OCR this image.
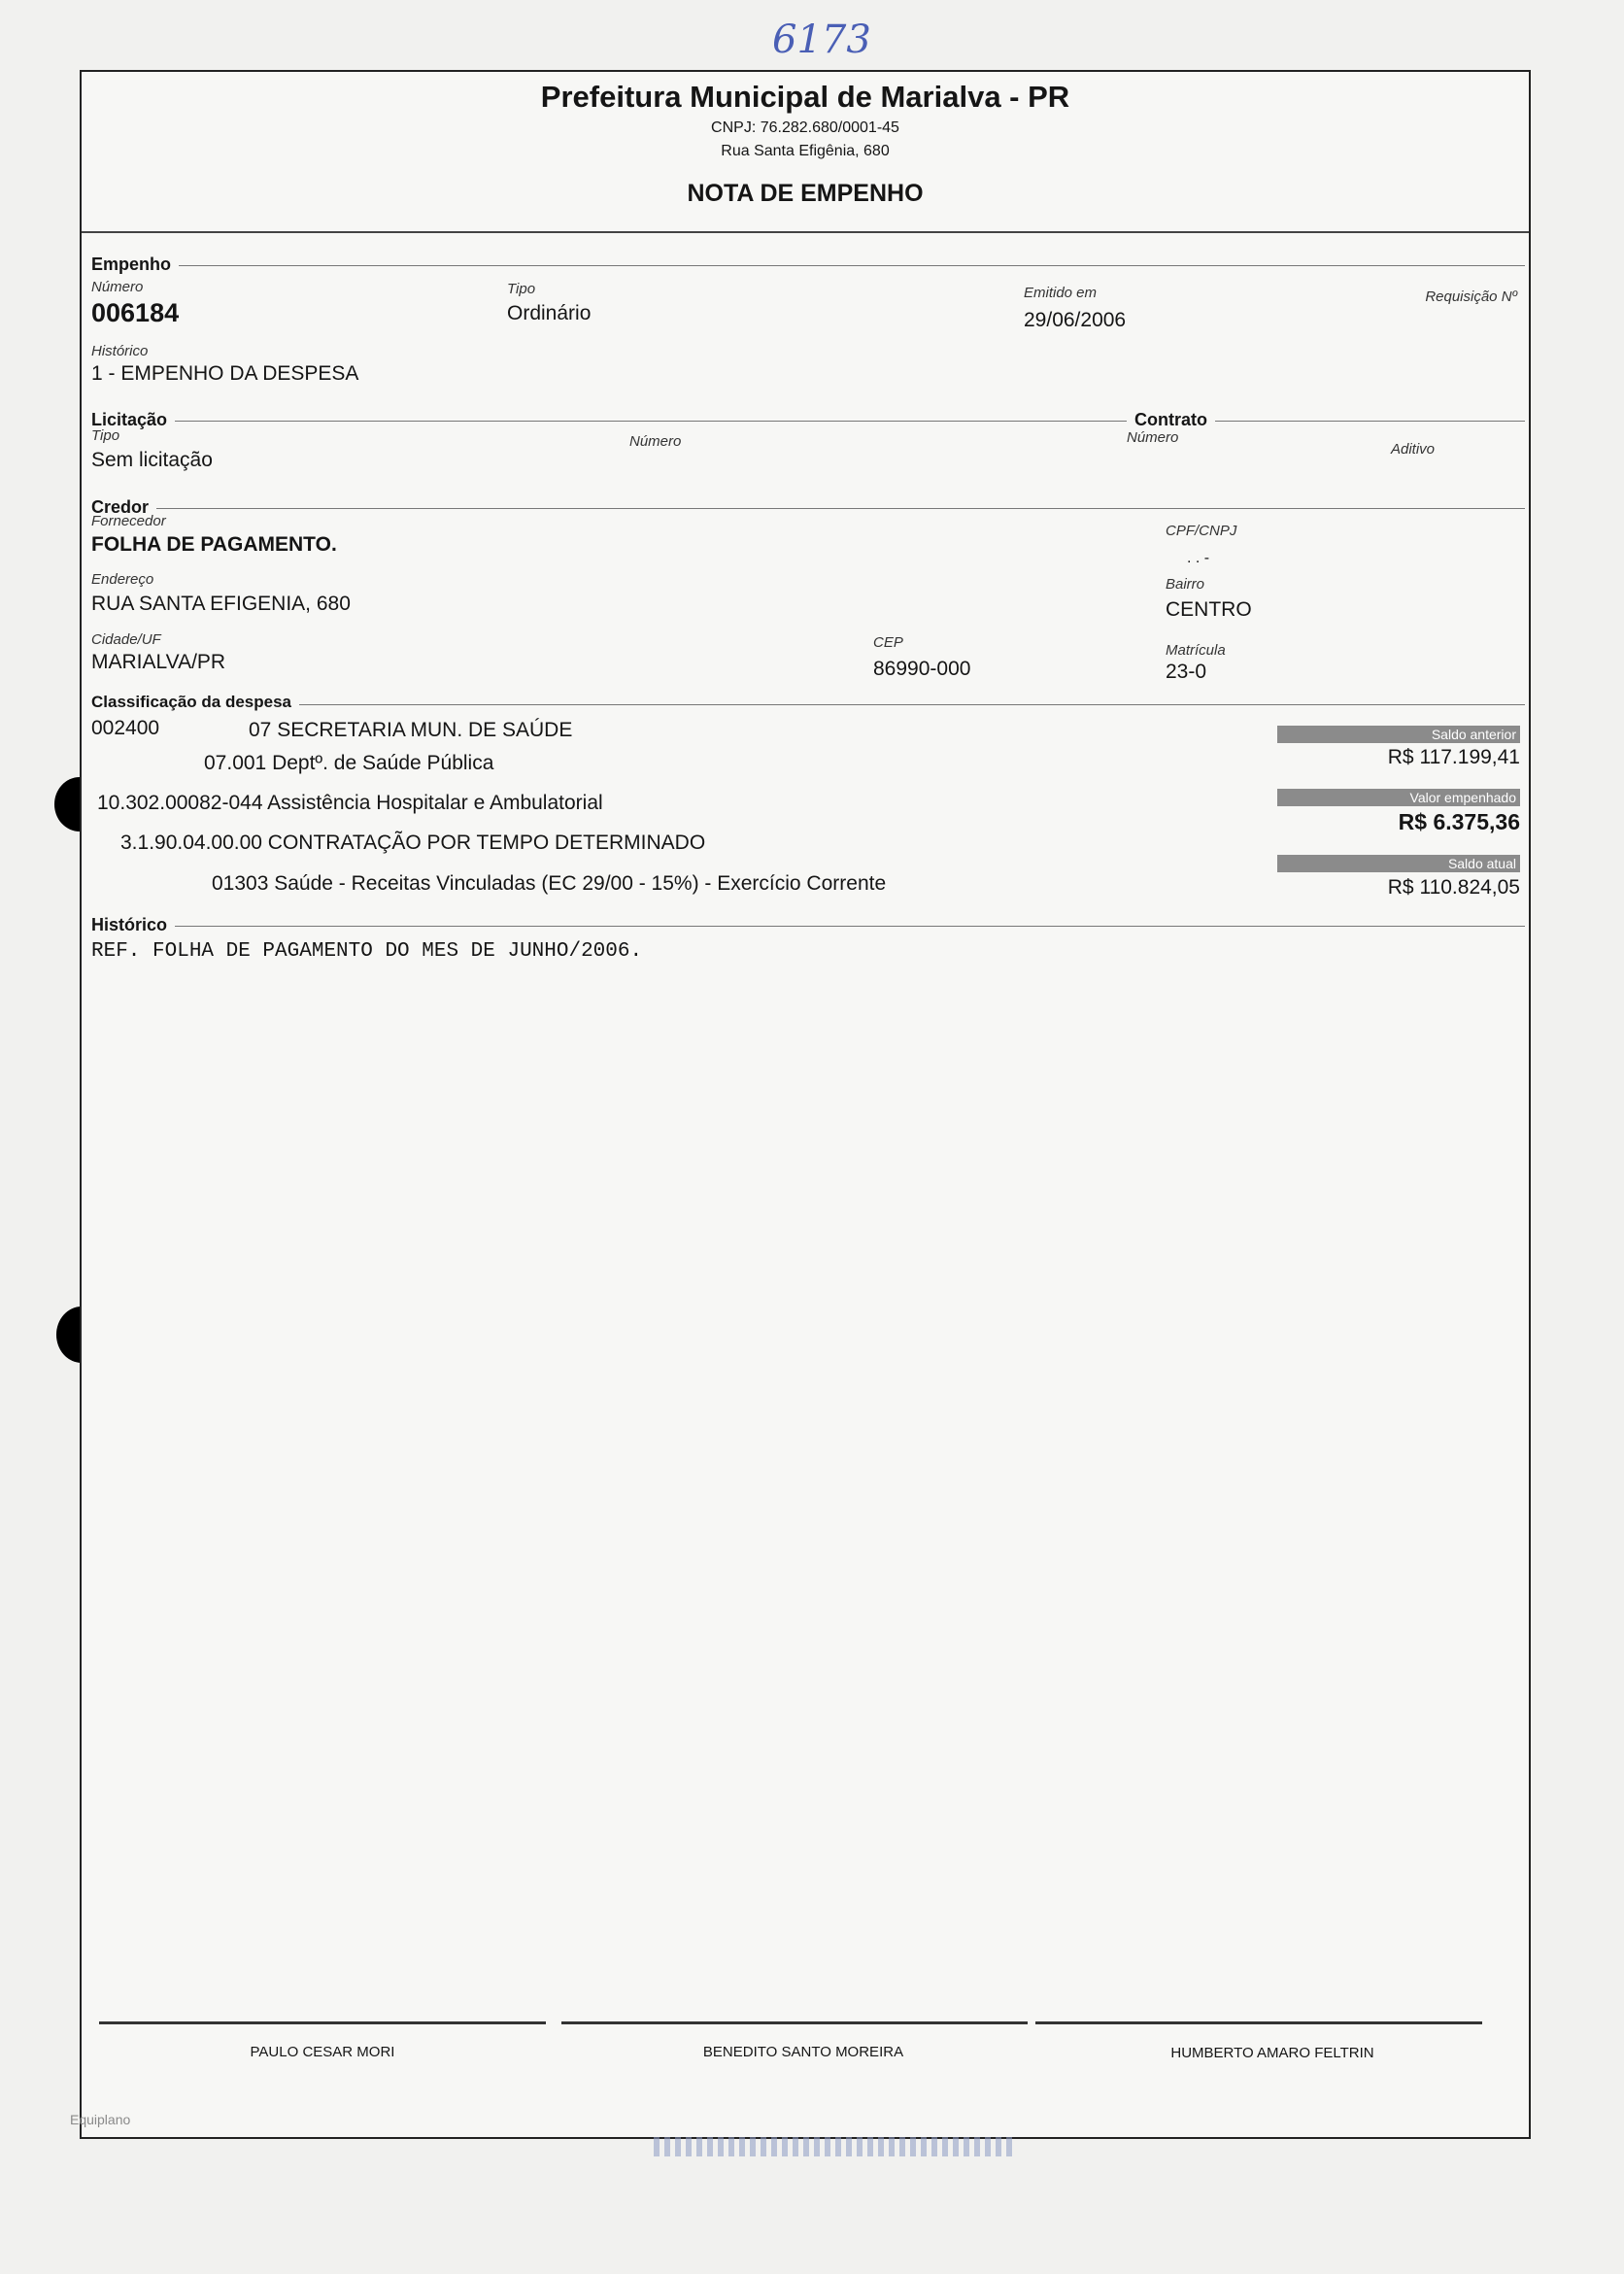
6173
Prefeitura Municipal de Marialva - PR
CNPJ: 76.282.680/0001-45
Rua Santa Efigênia, 680
NOTA DE EMPENHO
Empenho
Número
006184
Tipo
Ordinário
Emitido em
29/06/2006
Requisição Nº
Histórico
1 - EMPENHO DA DESPESA
Licitação	Contrato
Tipo
Sem licitação
Número	Número
Aditivo
Credor
Fornecedor
FOLHA DE PAGAMENTO.
CPF/CNPJ
. . -
Endereço
RUA SANTA EFIGENIA, 680
Bairro
CENTRO
Cidade/UF
MARIALVA/PR
CEP
86990-000
Matrícula
23-0
Classificação da despesa
002400	07 SECRETARIA MUN. DE SAÚDE
07.001 Deptº. de Saúde Pública
10.302.00082-044 Assistência Hospitalar e Ambulatorial
3.1.90.04.00.00 CONTRATAÇÃO POR TEMPO DETERMINADO
01303 Saúde - Receitas Vinculadas (EC 29/00 - 15%) - Exercício Corrente
Saldo anterior
R$ 117.199,41
Valor empenhado
R$ 6.375,36
Saldo atual
R$ 110.824,05
Histórico
REF. FOLHA DE PAGAMENTO DO MES DE JUNHO/2006.
PAULO CESAR MORI	BENEDITO SANTO MOREIRA	HUMBERTO AMARO FELTRIN
Equiplano
